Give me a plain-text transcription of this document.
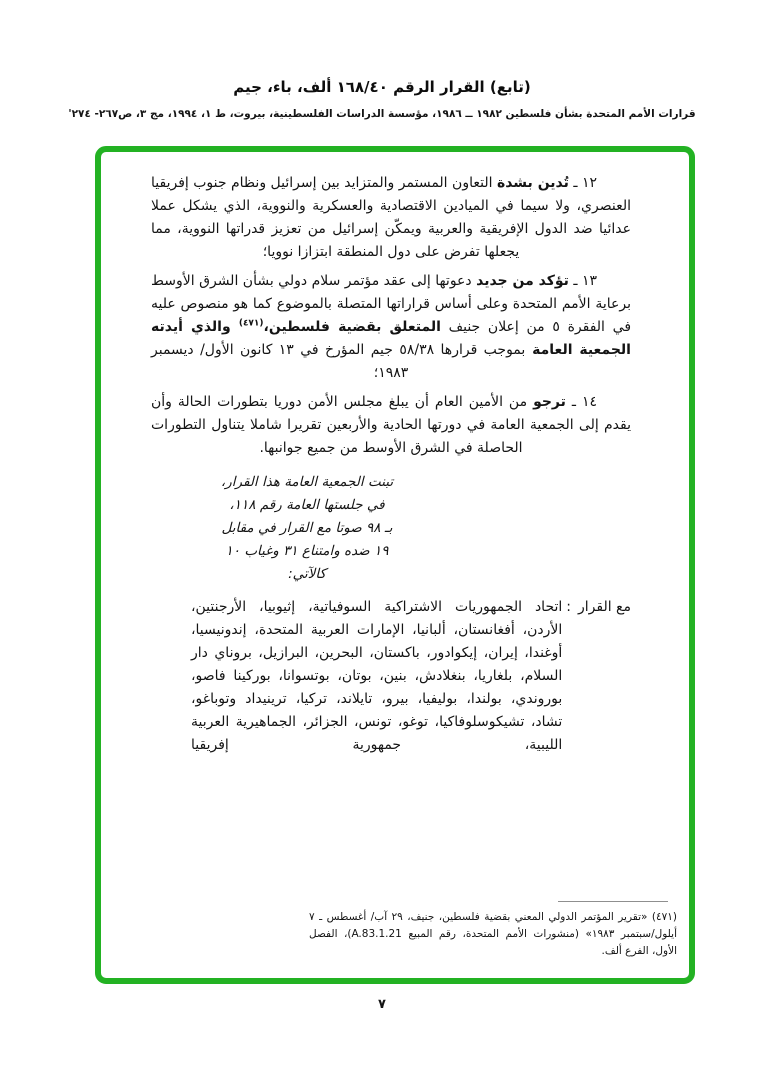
(تابع) القرار الرقم ١٦٨/٤٠ ألف، باء، جيم
قرارات الأمم المتحدة بشأن فلسطين ١٩٨٢ ــ ١٩٨٦، مؤسسة الدراسات الفلسطينية، بيروت، ط ١، ١٩٩٤، مج ٣، ص٢٦٧- ٢٧٤'

١٢ ـ تُدين بشدة التعاون المستمر والمتزايد بين إسرائيل ونظام جنوب إفريقيا العنصري، ولا سيما في الميادين الاقتصادية والعسكرية والنووية، الذي يشكل عملا عدائيا ضد الدول الإفريقية والعربية ويمكّن إسرائيل من تعزيز قدراتها النووية، مما يجعلها تفرض على دول المنطقة ابتزازا نوويا؛

١٣ ـ تؤكد من جديد دعوتها إلى عقد مؤتمر سلام دولي بشأن الشرق الأوسط برعاية الأمم المتحدة وعلى أساس قراراتها المتصلة بالموضوع كما هو منصوص عليه في الفقرة ٥ من إعلان جنيف المتعلق بقضية فلسطين،$^{(٤٧١)}$ والذي أيدته الجمعية العامة بموجب قرارها ٥٨/٣٨ جيم المؤرخ في ١٣ كانون الأول/ ديسمبر ١٩٨٣؛

١٤ ـ ترجو من الأمين العام أن يبلغ مجلس الأمن دوريا بتطورات الحالة وأن يقدم إلى الجمعية العامة في دورتها الحادية والأربعين تقريرا شاملا يتناول التطورات الحاصلة في الشرق الأوسط من جميع جوانبها.

تبنت الجمعية العامة هذا القرار،
في جلستها العامة رقم ١١٨،
بـ ٩٨ صوتا مع القرار في مقابل
١٩ ضده وامتناع ٣١ وغياب ١٠
كالآتي:
مع القرار
:
اتحاد الجمهوريات الاشتراكية السوفياتية، إثيوبيا، الأرجنتين، الأردن، أفغانستان، ألبانيا، الإمارات العربية المتحدة، إندونيسيا، أوغندا، إيران، إيكوادور، باكستان، البحرين، البرازيل، بروناي دار السلام، بلغاريا، بنغلادش، بنين، بوتان، بوتسوانا، بوركينا فاصو، بوروندي، بولندا، بوليفيا، بيرو، تايلاند، تركيا، ترينيداد وتوباغو، تشاد، تشيكوسلوفاكيا، توغو، تونس، الجزائر، الجماهيرية العربية الليبية، جمهورية إفريقيا
(٤٧١) «تقرير المؤتمر الدولي المعني بقضية فلسطين، جنيف، ٢٩ آب/ أغسطس ـ ٧ أيلول/سبتمبر ١٩٨٣» (منشورات الأمم المتحدة، رقم المبيع A.83.1.21)، الفصل الأول، الفرع ألف.
٧
